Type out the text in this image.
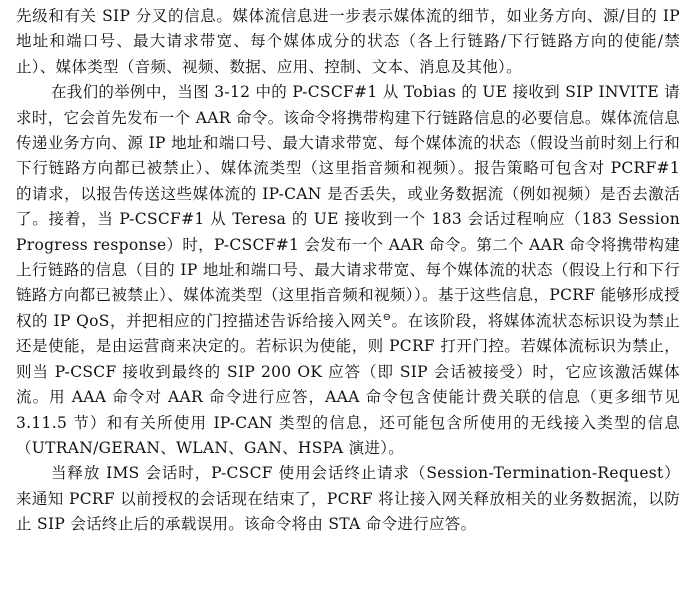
先级和有关 SIP 分叉的信息。媒体流信息进一步表示媒体流的细节，如业务方向、源/目的 IP 地址和端口号、最大请求带宽、每个媒体成分的状态（各上行链路/下行链路方向的使能/禁止）、媒体类型（音频、视频、数据、应用、控制、文本、消息及其他）。

在我们的举例中，当图 3-12 中的 P-CSCF#1 从 Tobias 的 UE 接收到 SIP INVITE 请求时，它会首先发布一个 AAR 命令。该命令将携带构建下行链路信息的必要信息。媒体流信息传递业务方向、源 IP 地址和端口号、最大请求带宽、每个媒体流的状态（假设当前时刻上行和下行链路方向都已被禁止）、媒体流类型（这里指音频和视频）。报告策略可包含对 PCRF#1 的请求，以报告传送这些媒体流的 IP-CAN 是否丢失，或业务数据流（例如视频）是否去激活了。接着，当 P-CSCF#1 从 Teresa 的 UE 接收到一个 183 会话过程响应（183 Session Progress response）时，P-CSCF#1 会发布一个 AAR 命令。第二个 AAR 命令将携带构建上行链路的信息（目的 IP 地址和端口号、最大请求带宽、每个媒体流的状态（假设上行和下行链路方向都已被禁止）、媒体流类型（这里指音频和视频））。基于这些信息，PCRF 能够形成授权的 IP QoS，并把相应的门控描述告诉给接入网关⊖。在该阶段，将媒体流状态标识设为禁止还是使能，是由运营商来决定的。若标识为使能，则 PCRF 打开门控。若媒体流标识为禁止，则当 P-CSCF 接收到最终的 SIP 200 OK 应答（即 SIP 会话被接受）时，它应该激活媒体流。用 AAA 命令对 AAR 命令进行应答，AAA 命令包含使能计费关联的信息（更多细节见 3.11.5 节）和有关所使用 IP-CAN 类型的信息，还可能包含所使用的无线接入类型的信息（UTRAN/GERAN、WLAN、GAN、HSPA 演进）。

当释放 IMS 会话时，P-CSCF 使用会话终止请求（Session-Termination-Request）来通知 PCRF 以前授权的会话现在结束了，PCRF 将让接入网关释放相关的业务数据流，以防止 SIP 会话终止后的承载误用。该命令将由 STA 命令进行应答。
